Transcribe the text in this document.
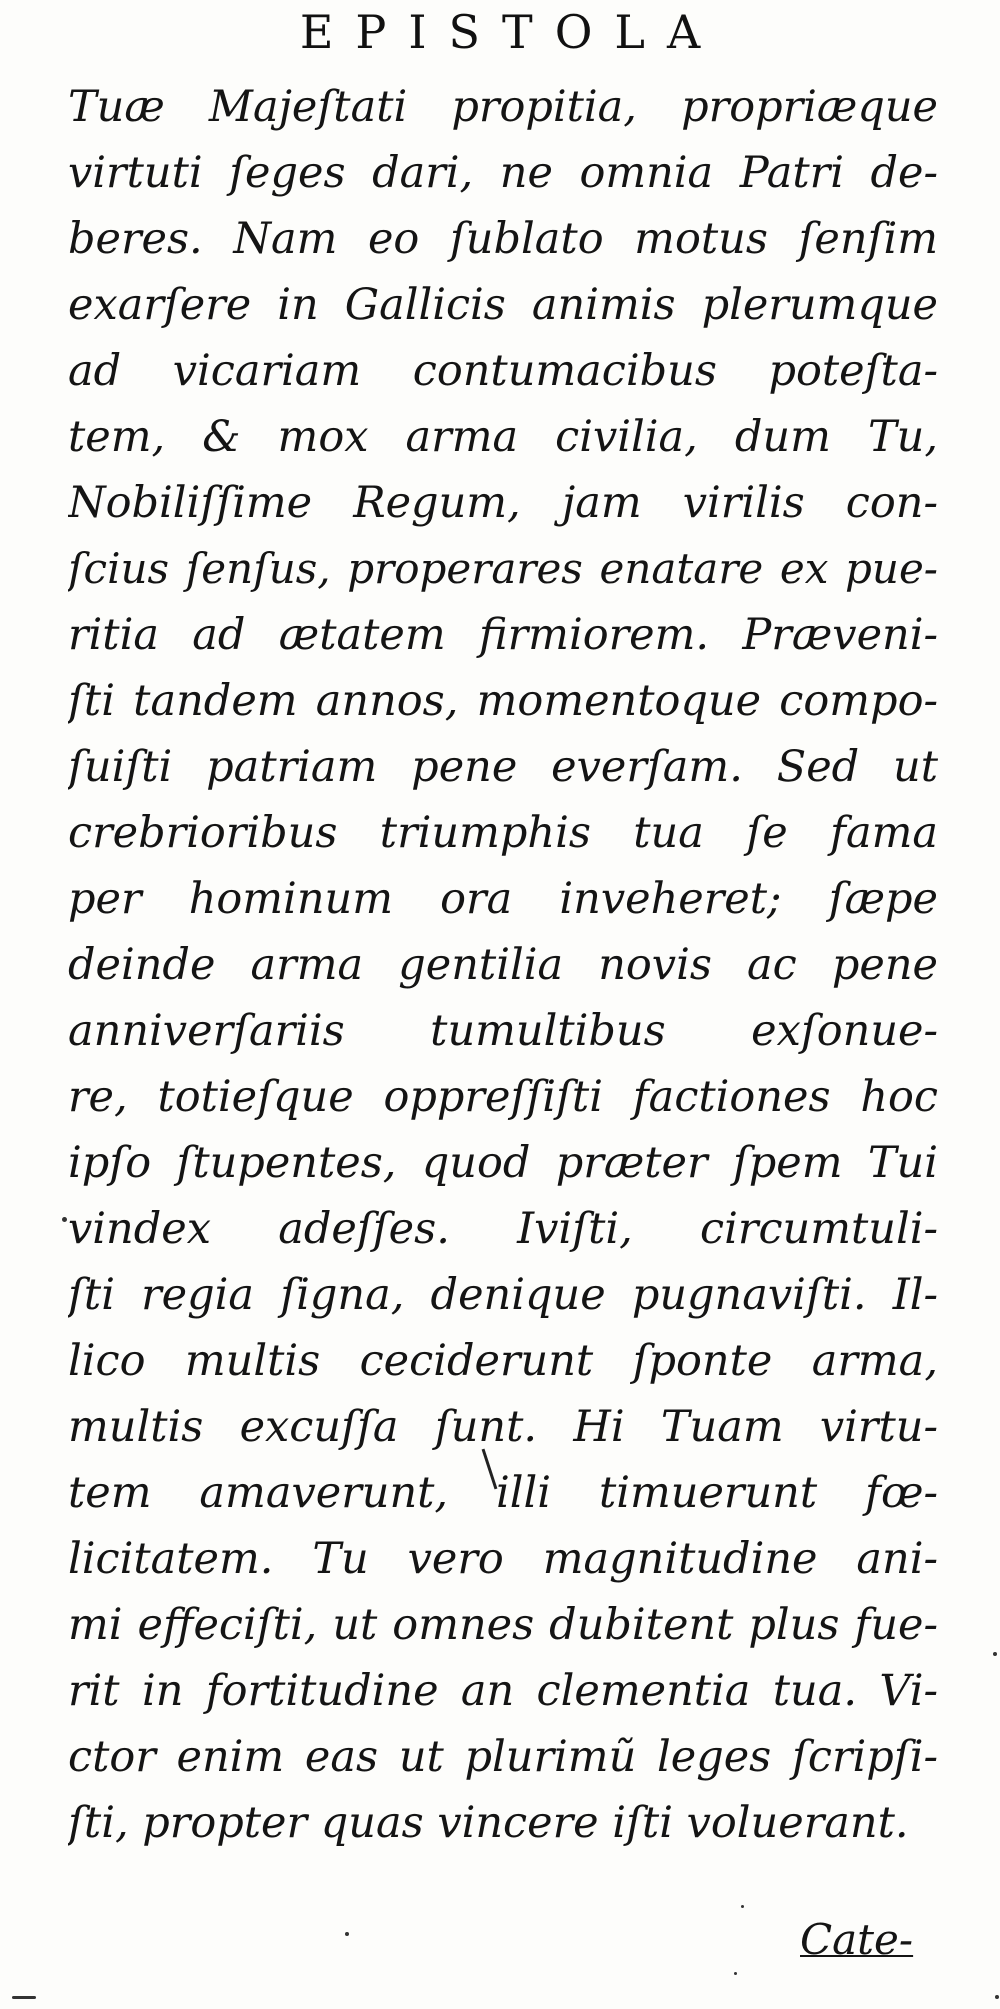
EPISTOLA
Tuæ Majeſtati propitia, propriæque
virtuti ſeges dari, ne omnia Patri de-
beres. Nam eo ſublato motus ſenſim
exarſere in Gallicis animis plerumque
ad vicariam contumacibus poteſta-
tem, & mox arma civilia, dum Tu,
Nobiliſſime Regum, jam virilis con-
ſcius ſenſus, properares enatare ex pue-
ritia ad ætatem firmiorem. Præveni-
ſti tandem annos, momentoque compo-
ſuiſti patriam pene everſam. Sed ut
crebrioribus triumphis tua ſe fama
per hominum ora inveheret; ſæpe
deinde arma gentilia novis ac pene
anniverſariis tumultibus exſonue-
re, totieſque oppreſſiſti factiones hoc
ipſo ſtupentes, quod præter ſpem Tui
vindex adeſſes. Iviſti, circumtuli-
ſti regia ſigna, denique pugnaviſti. Il-
lico multis ceciderunt ſponte arma,
multis excuſſa ſunt. Hi Tuam virtu-
tem amaverunt, illi timuerunt fœ-
licitatem. Tu vero magnitudine ani-
mi effeciſti, ut omnes dubitent plus fue-
rit in fortitudine an clementia tua. Vi-
ctor enim eas ut plurimũ leges ſcripſi-
ſti, propter quas vincere iſti voluerant.
Cate-
